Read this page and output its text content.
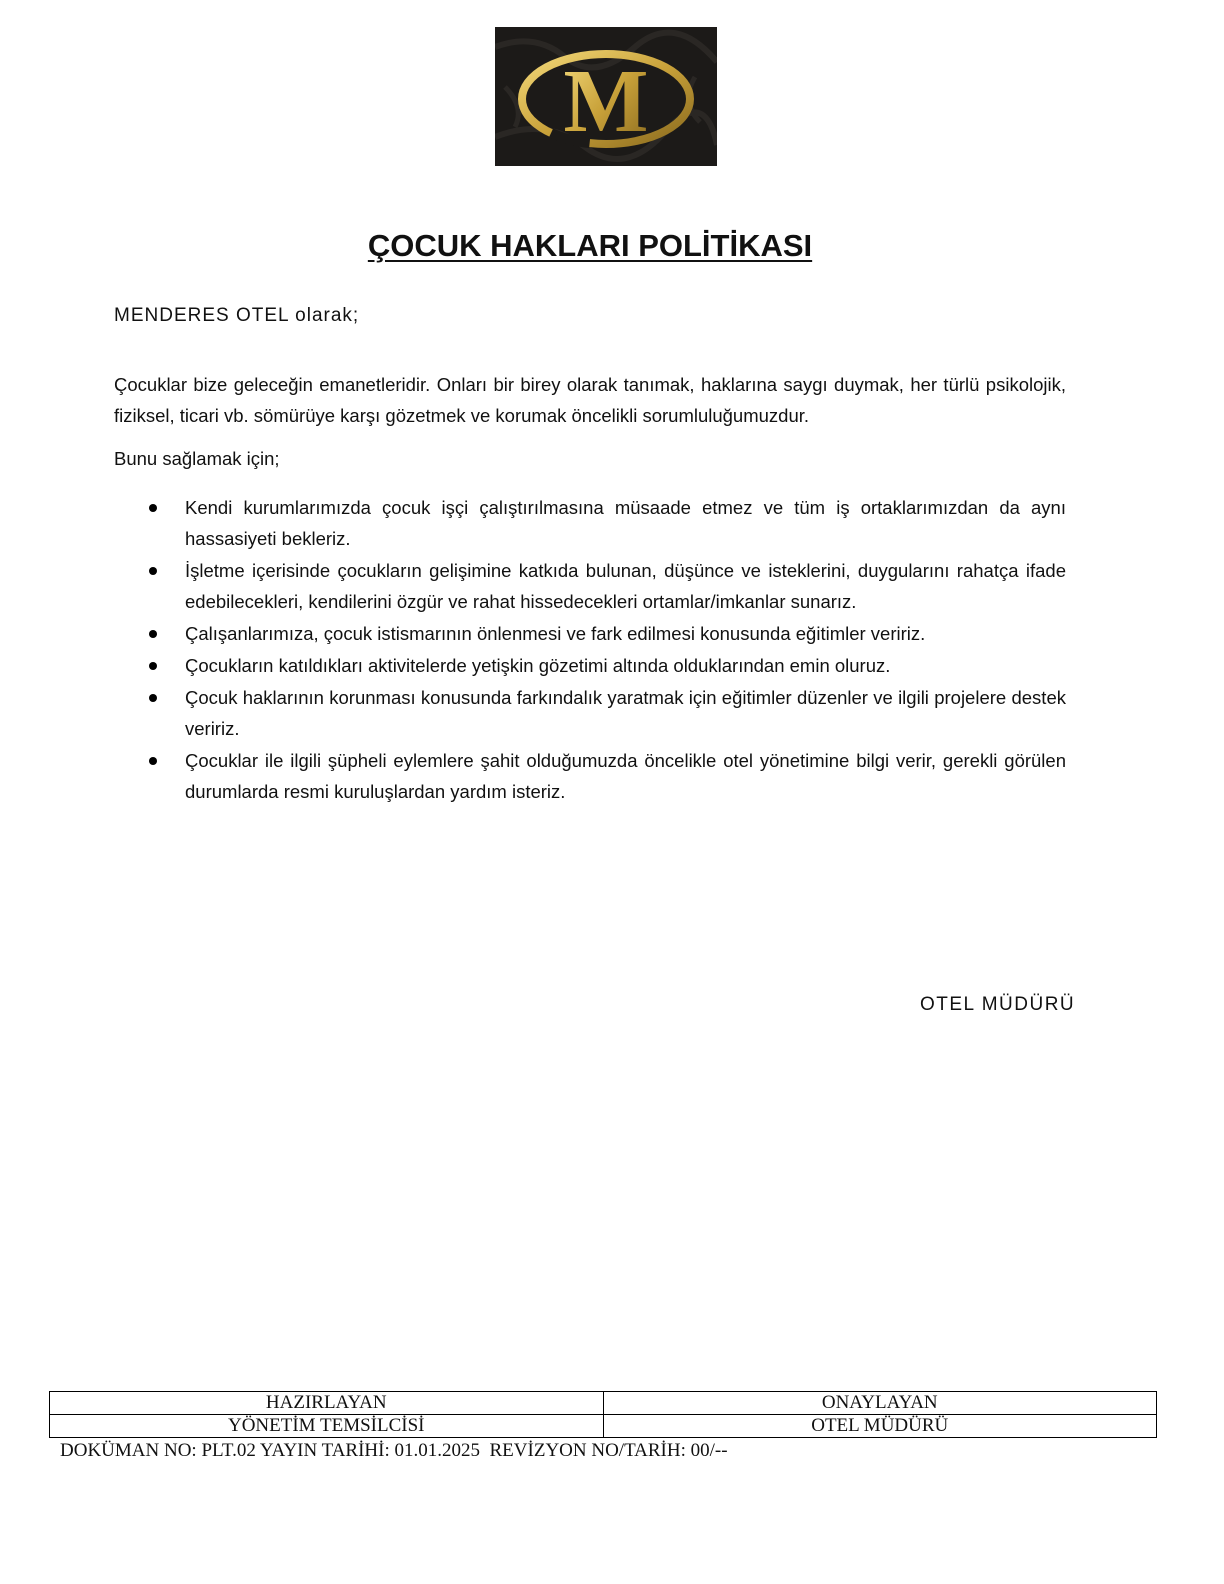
M
ÇOCUK HAKLARI POLİTİKASI
MENDERES OTEL olarak;
Çocuklar bize geleceğin emanetleridir. Onları bir birey olarak tanımak, haklarına saygı duymak, her türlü psikolojik, fiziksel, ticari vb. sömürüye karşı gözetmek ve korumak öncelikli sorumluluğumuzdur.
Bunu sağlamak için;
Kendi kurumlarımızda çocuk işçi çalıştırılmasına müsaade etmez ve tüm iş ortaklarımızdan da aynı hassasiyeti bekleriz.
İşletme içerisinde çocukların gelişimine katkıda bulunan, düşünce ve isteklerini, duygularını rahatça ifade edebilecekleri, kendilerini özgür ve rahat hissedecekleri ortamlar/imkanlar sunarız.
Çalışanlarımıza, çocuk istismarının önlenmesi ve fark edilmesi konusunda eğitimler veririz.
Çocukların katıldıkları aktivitelerde yetişkin gözetimi altında olduklarından emin oluruz.
Çocuk haklarının korunması konusunda farkındalık yaratmak için eğitimler düzenler ve ilgili projelere destek veririz.
Çocuklar ile ilgili şüpheli eylemlere şahit olduğumuzda öncelikle otel yönetimine bilgi verir, gerekli görülen durumlarda resmi kuruluşlardan yardım isteriz.
OTEL MÜDÜRÜ
HAZIRLAYAN	ONAYLAYAN
YÖNETİM TEMSİLCİSİ	OTEL MÜDÜRÜ
DOKÜMAN NO: PLT.02 YAYIN TARİHİ: 01.01.2025  REVİZYON NO/TARİH: 00/--
